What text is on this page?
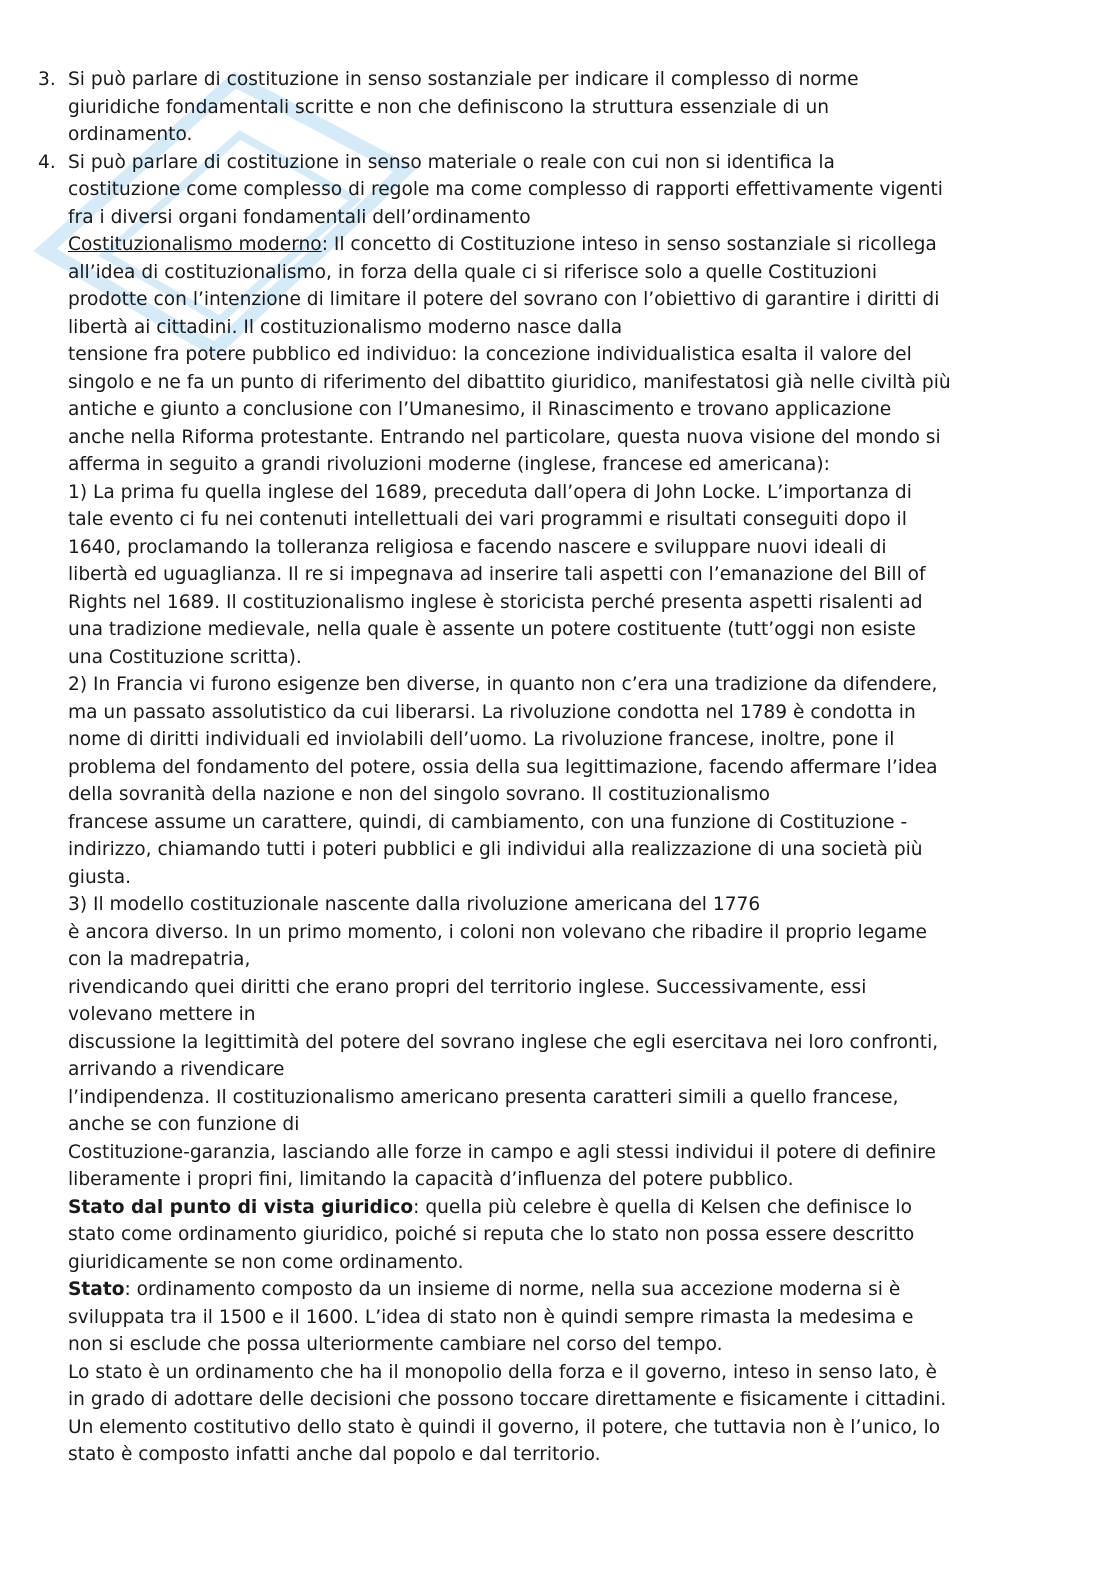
3. Si può parlare di costituzione in senso sostanziale per indicare il complesso di norme
giuridiche fondamentali scritte e non che definiscono la struttura essenziale di un
ordinamento.
4. Si può parlare di costituzione in senso materiale o reale con cui non si identifica la
costituzione come complesso di regole ma come complesso di rapporti effettivamente vigenti
fra i diversi organi fondamentali dell’ordinamento
Costituzionalismo moderno: Il concetto di Costituzione inteso in senso sostanziale si ricollega
all’idea di costituzionalismo, in forza della quale ci si riferisce solo a quelle Costituzioni
prodotte con l’intenzione di limitare il potere del sovrano con l’obiettivo di garantire i diritti di
libertà ai cittadini. Il costituzionalismo moderno nasce dalla
tensione fra potere pubblico ed individuo: la concezione individualistica esalta il valore del
singolo e ne fa un punto di riferimento del dibattito giuridico, manifestatosi già nelle civiltà più
antiche e giunto a conclusione con l’Umanesimo, il Rinascimento e trovano applicazione
anche nella Riforma protestante. Entrando nel particolare, questa nuova visione del mondo si
afferma in seguito a grandi rivoluzioni moderne (inglese, francese ed americana):
1) La prima fu quella inglese del 1689, preceduta dall’opera di John Locke. L’importanza di
tale evento ci fu nei contenuti intellettuali dei vari programmi e risultati conseguiti dopo il
1640, proclamando la tolleranza religiosa e facendo nascere e sviluppare nuovi ideali di
libertà ed uguaglianza. Il re si impegnava ad inserire tali aspetti con l’emanazione del Bill of
Rights nel 1689. Il costituzionalismo inglese è storicista perché presenta aspetti risalenti ad
una tradizione medievale, nella quale è assente un potere costituente (tutt’oggi non esiste
una Costituzione scritta).
2) In Francia vi furono esigenze ben diverse, in quanto non c’era una tradizione da difendere,
ma un passato assolutistico da cui liberarsi. La rivoluzione condotta nel 1789 è condotta in
nome di diritti individuali ed inviolabili dell’uomo. La rivoluzione francese, inoltre, pone il
problema del fondamento del potere, ossia della sua legittimazione, facendo affermare l’idea
della sovranità della nazione e non del singolo sovrano. Il costituzionalismo
francese assume un carattere, quindi, di cambiamento, con una funzione di Costituzione -
indirizzo, chiamando tutti i poteri pubblici e gli individui alla realizzazione di una società più
giusta.
3) Il modello costituzionale nascente dalla rivoluzione americana del 1776
è ancora diverso. In un primo momento, i coloni non volevano che ribadire il proprio legame
con la madrepatria,
rivendicando quei diritti che erano propri del territorio inglese. Successivamente, essi
volevano mettere in
discussione la legittimità del potere del sovrano inglese che egli esercitava nei loro confronti,
arrivando a rivendicare
l’indipendenza. Il costituzionalismo americano presenta caratteri simili a quello francese,
anche se con funzione di
Costituzione-garanzia, lasciando alle forze in campo e agli stessi individui il potere di definire
liberamente i propri fini, limitando la capacità d’influenza del potere pubblico.
Stato dal punto di vista giuridico: quella più celebre è quella di Kelsen che definisce lo
stato come ordinamento giuridico, poiché si reputa che lo stato non possa essere descritto
giuridicamente se non come ordinamento.
Stato: ordinamento composto da un insieme di norme, nella sua accezione moderna si è
sviluppata tra il 1500 e il 1600. L’idea di stato non è quindi sempre rimasta la medesima e
non si esclude che possa ulteriormente cambiare nel corso del tempo.
Lo stato è un ordinamento che ha il monopolio della forza e il governo, inteso in senso lato, è
in grado di adottare delle decisioni che possono toccare direttamente e fisicamente i cittadini.
Un elemento costitutivo dello stato è quindi il governo, il potere, che tuttavia non è l’unico, lo
stato è composto infatti anche dal popolo e dal territorio.
